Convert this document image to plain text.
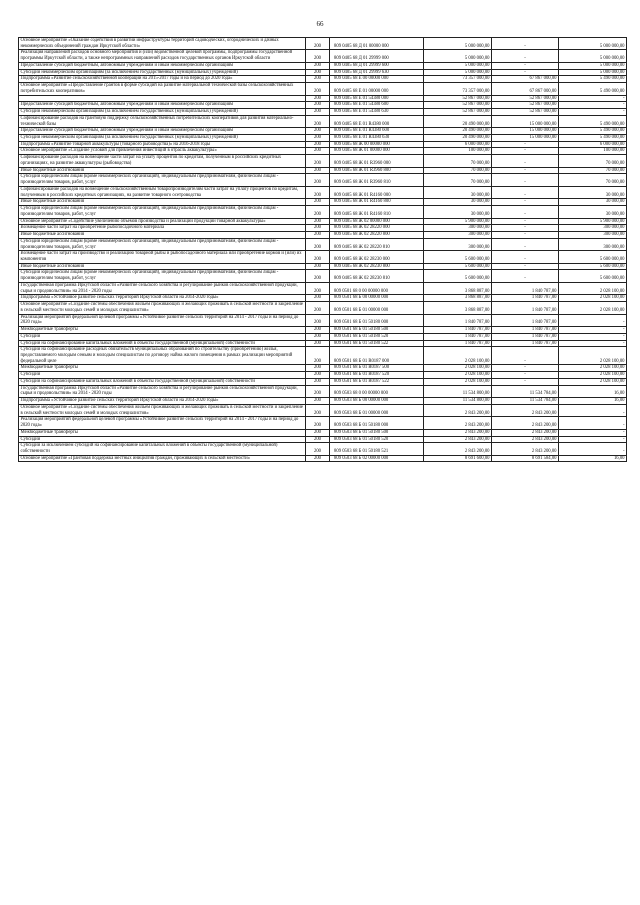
66
Основное мероприятие «Оказание содействия в развитии инфраструктуры территорий садоводческих, огороднических и дачных некоммерческих объединений граждан Иркутской области»	200	809 0405 68 Д 01 00000 000	5 000 000,00	-	5 000 000,00
Реализация направлений расходов основного мероприятия и (или) ведомственной целевой программы, подпрограммы государственной программы Иркутской области, а также непрограммных направлений расходов государственных органов Иркутской области	200	809 0405 68 Д 01 29999 000	5 000 000,00	-	5 000 000,00
Предоставление субсидий бюджетным, автономным учреждениям и иным некоммерческим организациям	200	809 0405 68 Д 01 29999 600	5 000 000,00	-	5 000 000,00
Субсидии некоммерческим организациям (за исключением государственных (муниципальных) учреждений)	200	809 0405 68 Д 01 29999 630	5 000 000,00	-	5 000 000,00
Подпрограмма «Развитие сельскохозяйственной кооперации на 2015-2017 годы и на период до 2020 года»	200	809 0405 68 Е 00 00000 000	73 357 000,00	67 867 000,00	5 490 000,00
Основное мероприятие «Предоставление грантов в форме субсидий на развитие материальной технической базы сельскохозяйственных потребительских кооперативов»	200	809 0405 68 Е 01 00000 000	73 357 000,00	67 867 000,00	5 490 000,00
	200	809 0405 68 Е 01 54380 000	52 867 000,00	52 867 000,00	-
Предоставление субсидий бюджетным, автономным учреждениям и иным некоммерческим организациям	200	809 0405 68 Е 01 54380 600	52 867 000,00	52 867 000,00	-
Субсидии некоммерческим организациям (за исключением государственных (муниципальных) учреждений)	200	809 0405 68 Е 01 54380 630	52 867 000,00	52 867 000,00	-
Софинансирование расходов на грантовую поддержку сельскохозяйственных потребительских кооперативов для развития материально-технической базы	200	809 0405 68 Е 01 R4380 000	20 490 000,00	15 000 000,00	5 490 000,00
Предоставление субсидий бюджетным, автономным учреждениям и иным некоммерческим организациям	200	809 0405 68 Е 01 R4380 600	20 490 000,00	15 000 000,00	5 490 000,00
Субсидии некоммерческим организациям (за исключением государственных (муниципальных) учреждений)	200	809 0405 68 Е 01 R4380 630	20 490 000,00	15 000 000,00	5 490 000,00
Подпрограмма «Развитие товарной аквакультуры (товарного рыбоводства)» на 2016-2018 годы	200	809 0405 68 Ж 00 00000 000	6 000 000,00	-	6 000 000,00
Основное мероприятие «Создание условий для привлечения инвестиций в отрасль аквакультуры»	200	809 0405 68 Ж 01 00000 000	100 000,00	-	100 000,00
Софинансирование расходов на возмещение части затрат на уплату процентов по кредитам, полученным в российских кредитных организациях, на развитие аквакультуры (рыбоводства)	200	809 0405 68 Ж 01 R3960 000	70 000,00	-	70 000,00
Иные бюджетные ассигнования	200	809 0405 68 Ж 01 R3960 800	70 000,00	-	70 000,00
Субсидии юридическим лицам (кроме некоммерческих организаций), индивидуальным предпринимателям, физическим лицам - производителям товаров, работ, услуг	200	809 0405 68 Ж 01 R3960 810	70 000,00	-	70 000,00
Софинансирование расходов на возмещение сельскохозяйственным товаропроизводителям части затрат на уплату процентов по кредитам, полученным в российских кредитных организациях, на развитие товарного осетроводства	200	809 0405 68 Ж 01 R4160 000	30 000,00	-	30 000,00
Иные бюджетные ассигнования	200	809 0405 68 Ж 01 R4160 800	30 000,00	-	30 000,00
Субсидии юридическим лицам (кроме некоммерческих организаций), индивидуальным предпринимателям, физическим лицам - производителям товаров, работ, услуг	200	809 0405 68 Ж 01 R4160 810	30 000,00	-	30 000,00
Основное мероприятие «Содействие увеличению объемов производства и реализации продукции товарной аквакультуры»	200	809 0405 68 Ж 02 00000 000	5 900 000,00	-	5 900 000,00
Возмещение части затрат на приобретение рыбопосадочного материала	200	809 0405 68 Ж 02 28220 000	300 000,00	-	300 000,00
Иные бюджетные ассигнования	200	809 0405 68 Ж 02 28220 800	300 000,00	-	300 000,00
Субсидии юридическим лицам (кроме некоммерческих организаций), индивидуальным предпринимателям, физическим лицам - производителям товаров, работ, услуг	200	809 0405 68 Ж 02 28220 810	300 000,00	-	300 000,00
Возмещение части затрат на производство и реализацию товарной рыбы и рыбопосадочного материала или приобретение кормов и (или) их компонентов	200	809 0405 68 Ж 02 28230 000	5 600 000,00	-	5 600 000,00
Иные бюджетные ассигнования	200	809 0405 68 Ж 02 28230 800	5 600 000,00	-	5 600 000,00
Субсидии юридическим лицам (кроме некоммерческих организаций), индивидуальным предпринимателям, физическим лицам - производителям товаров, работ, услуг	200	809 0405 68 Ж 02 28230 810	5 600 000,00	-	5 600 000,00
Государственная программа Иркутской области «Развитие сельского хозяйства и регулирование рынков сельскохозяйственной продукции, сырья и продовольствия» на 2014 - 2020 годы	200	809 0501 68 0 00 00000 000	3 868 887,00	1 840 787,00	2 028 100,00
Подпрограмма «Устойчивое развитие сельских территорий Иркутской области на 2014-2020 годы»	200	809 0501 68 Б 00 00000 000	3 868 887,00	1 840 787,00	2 028 100,00
Основное мероприятие «Создание системы обеспечения жильем проживающих и желающих проживать в сельской местности и закрепление в сельской местности молодых семей и молодых специалистов»	200	809 0501 68 Б 01 00000 000	3 868 887,00	1 840 787,00	2 028 100,00
Реализация мероприятий федеральной целевой программы «Устойчивое развитие сельских территорий на 2014 - 2017 годы и на период до 2020 года»	200	809 0501 68 Б 01 50180 000	1 840 787,00	1 840 787,00	-
Межбюджетные трансферты	200	809 0501 68 Б 01 50180 500	1 840 787,00	1 840 787,00	-
Субсидии	200	809 0501 68 Б 01 50180 520	1 840 787,00	1 840 787,00	-
Субсидии на софинансирование капитальных вложений в объекты государственной (муниципальной) собственности	200	809 0501 68 Б 01 50180 522	1 840 787,00	1 840 787,00	-
Субсидии на софинансирование расходных обязательств муниципальных образований по строительству (приобретению) жилья, предоставляемого молодым семьям и молодым специалистам по договору найма жилого помещения в рамках реализации мероприятий федеральной целе	200	809 0501 68 Б 01 R0187 000	2 028 100,00	-	2 028 100,00
Межбюджетные трансферты	200	809 0501 68 Б 01 R0187 500	2 028 100,00	-	2 028 100,00
Субсидии	200	809 0501 68 Б 01 R0187 520	2 028 100,00	-	2 028 100,00
Субсидии на софинансирование капитальных вложений в объекты государственной (муниципальной) собственности	200	809 0501 68 Б 01 R0187 522	2 028 100,00	-	2 028 100,00
Государственная программа Иркутской области «Развитие сельского хозяйства и регулирование рынков сельскохозяйственной продукции, сырья и продовольствия» на 2014 - 2020 годы	200	809 0503 68 0 00 00000 000	11 534 800,00	11 534 784,00	16,00
Подпрограмма «Устойчивое развитие сельских территорий Иркутской области на 2014-2020 годы»	200	809 0503 68 Б 00 00000 000	11 534 800,00	11 534 784,00	16,00
Основное мероприятие «Создание системы обеспечения жильем проживающих и желающих проживать в сельской местности и закрепление в сельской местности молодых семей и молодых специалистов»	200	809 0503 68 Б 01 00000 000	2 843 200,00	2 843 200,00	-
Реализация мероприятий федеральной целевой программы «Устойчивое развитие сельских территорий на 2014 - 2017 годы и на период до 2020 года»	200	809 0503 68 Б 01 50180 000	2 843 200,00	2 843 200,00	-
Межбюджетные трансферты	200	809 0503 68 Б 01 50180 500	2 843 200,00	2 843 200,00	-
Субсидии	200	809 0503 68 Б 01 50180 520	2 843 200,00	2 843 200,00	-
Субсидии за исключением субсидий на софинансирование капитальных вложений в объекты государственной (муниципальной) собственности	200	809 0503 68 Б 01 50180 521	2 843 200,00	2 843 200,00	-
Основное мероприятие «Грантовая поддержка местных инициатив граждан, проживающих в сельской местности»	200	809 0503 68 Б 02 00000 000	8 691 600,00	8 691 584,00	16,00
